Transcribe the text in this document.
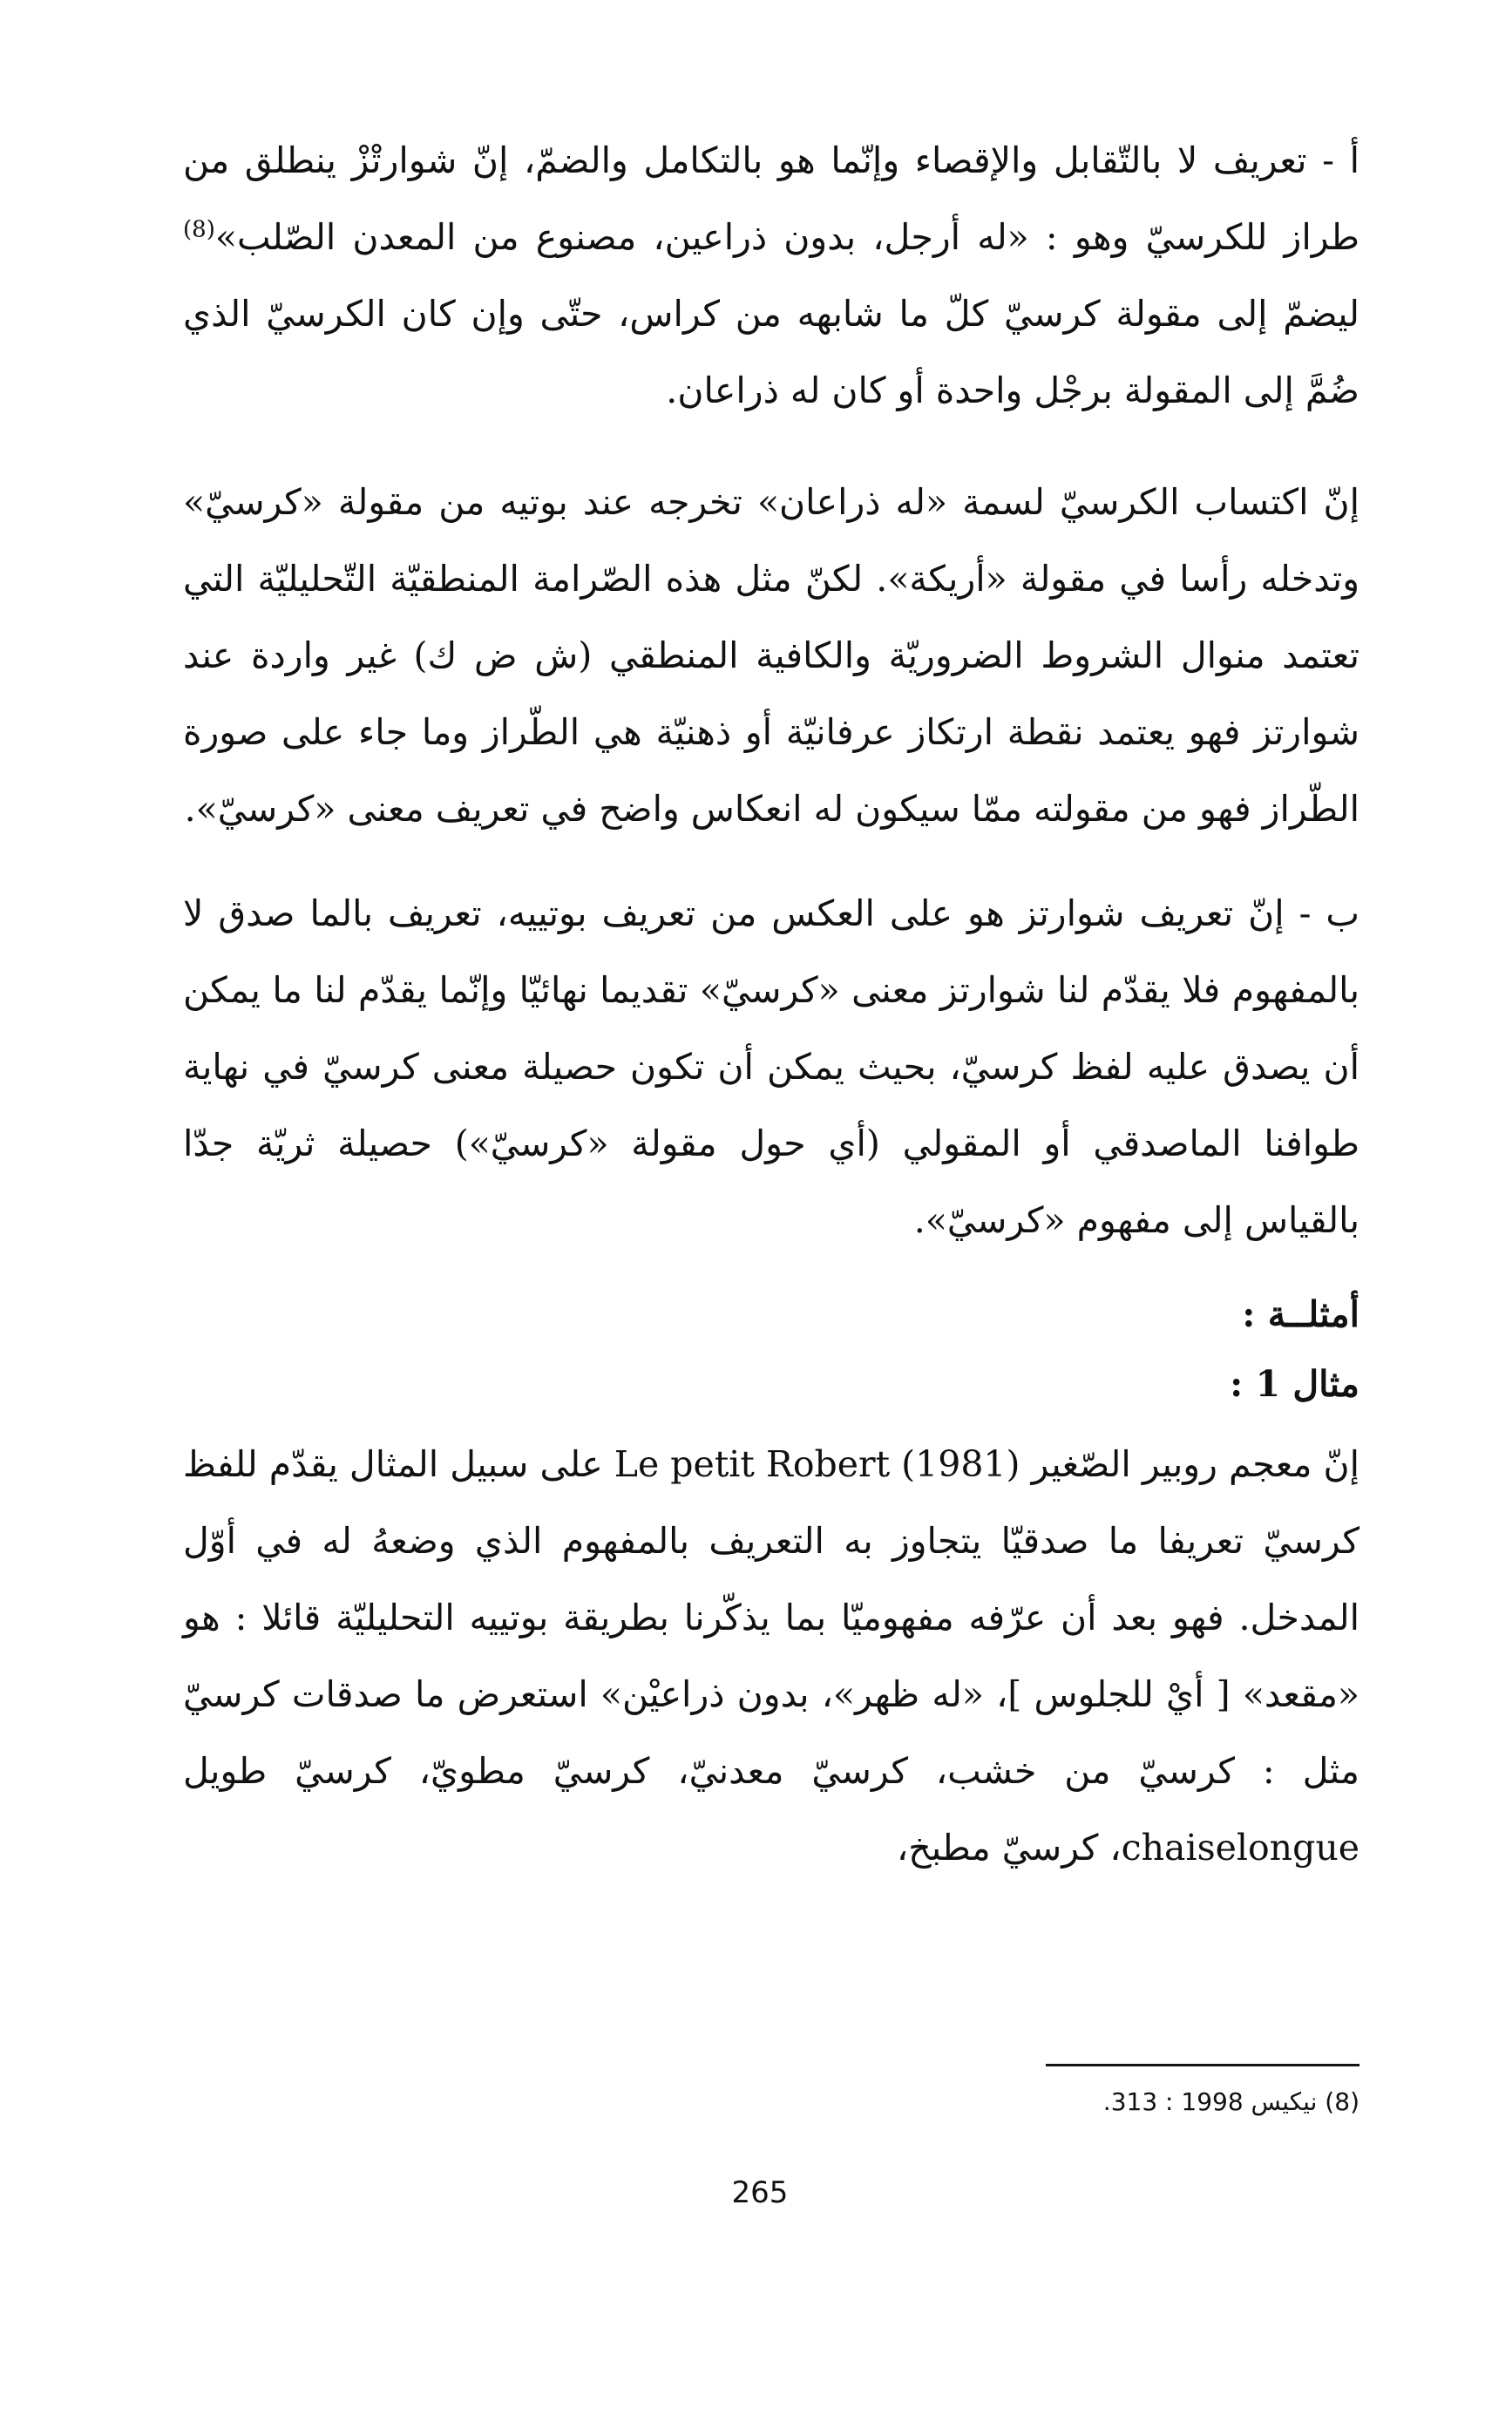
أ - تعريف لا بالتّقابل والإقصاء وإنّما هو بالتكامل والضمّ، إنّ شوارتْزْ ينطلق من طراز للكرسيّ وهو : «له أرجل، بدون ذراعين، مصنوع من المعدن الصّلب»$^{(8)}$ ليضمّ إلى مقولة كرسيّ كلّ ما شابهه من كراس، حتّى وإن كان الكرسيّ الذي ضُمَّ إلى المقولة برجْل واحدة أو كان له ذراعان.

إنّ اكتساب الكرسيّ لسمة «له ذراعان» تخرجه عند بوتيه من مقولة «كرسيّ» وتدخله رأسا في مقولة «أريكة». لكنّ مثل هذه الصّرامة المنطقيّة التّحليليّة التي تعتمد منوال الشروط الضروريّة والكافية المنطقي (ش ض ك) غير واردة عند شوارتز فهو يعتمد نقطة ارتكاز عرفانيّة أو ذهنيّة هي الطّراز وما جاء على صورة الطّراز فهو من مقولته ممّا سيكون له انعكاس واضح في تعريف معنى «كرسيّ».

ب - إنّ تعريف شوارتز هو على العكس من تعريف بوتييه، تعريف بالما صدق لا بالمفهوم فلا يقدّم لنا شوارتز معنى «كرسيّ» تقديما نهائيّا وإنّما يقدّم لنا ما يمكن أن يصدق عليه لفظ كرسيّ، بحيث يمكن أن تكون حصيلة معنى كرسيّ في نهاية طوافنا الماصدقي أو المقولي (أي حول مقولة «كرسيّ») حصيلة ثريّة جدّا بالقياس إلى مفهوم «كرسيّ».

أمثلــة :

مثال 1 :

إنّ معجم روبير الصّغير Le petit Robert (1981) على سبيل المثال يقدّم للفظ كرسيّ تعريفا ما صدقيّا يتجاوز به التعريف بالمفهوم الذي وضعهُ له في أوّل المدخل. فهو بعد أن عرّفه مفهوميّا بما يذكّرنا بطريقة بوتييه التحليليّة قائلا : هو «مقعد» [ أيْ للجلوس ]، «له ظهر»، بدون ذراعيْن» استعرض ما صدقات كرسيّ مثل : كرسيّ من خشب، كرسيّ معدنيّ، كرسيّ مطويّ، كرسيّ طويل chaiselongue، كرسيّ مطبخ،

(8) نيكيس 1998 : 313.
265
